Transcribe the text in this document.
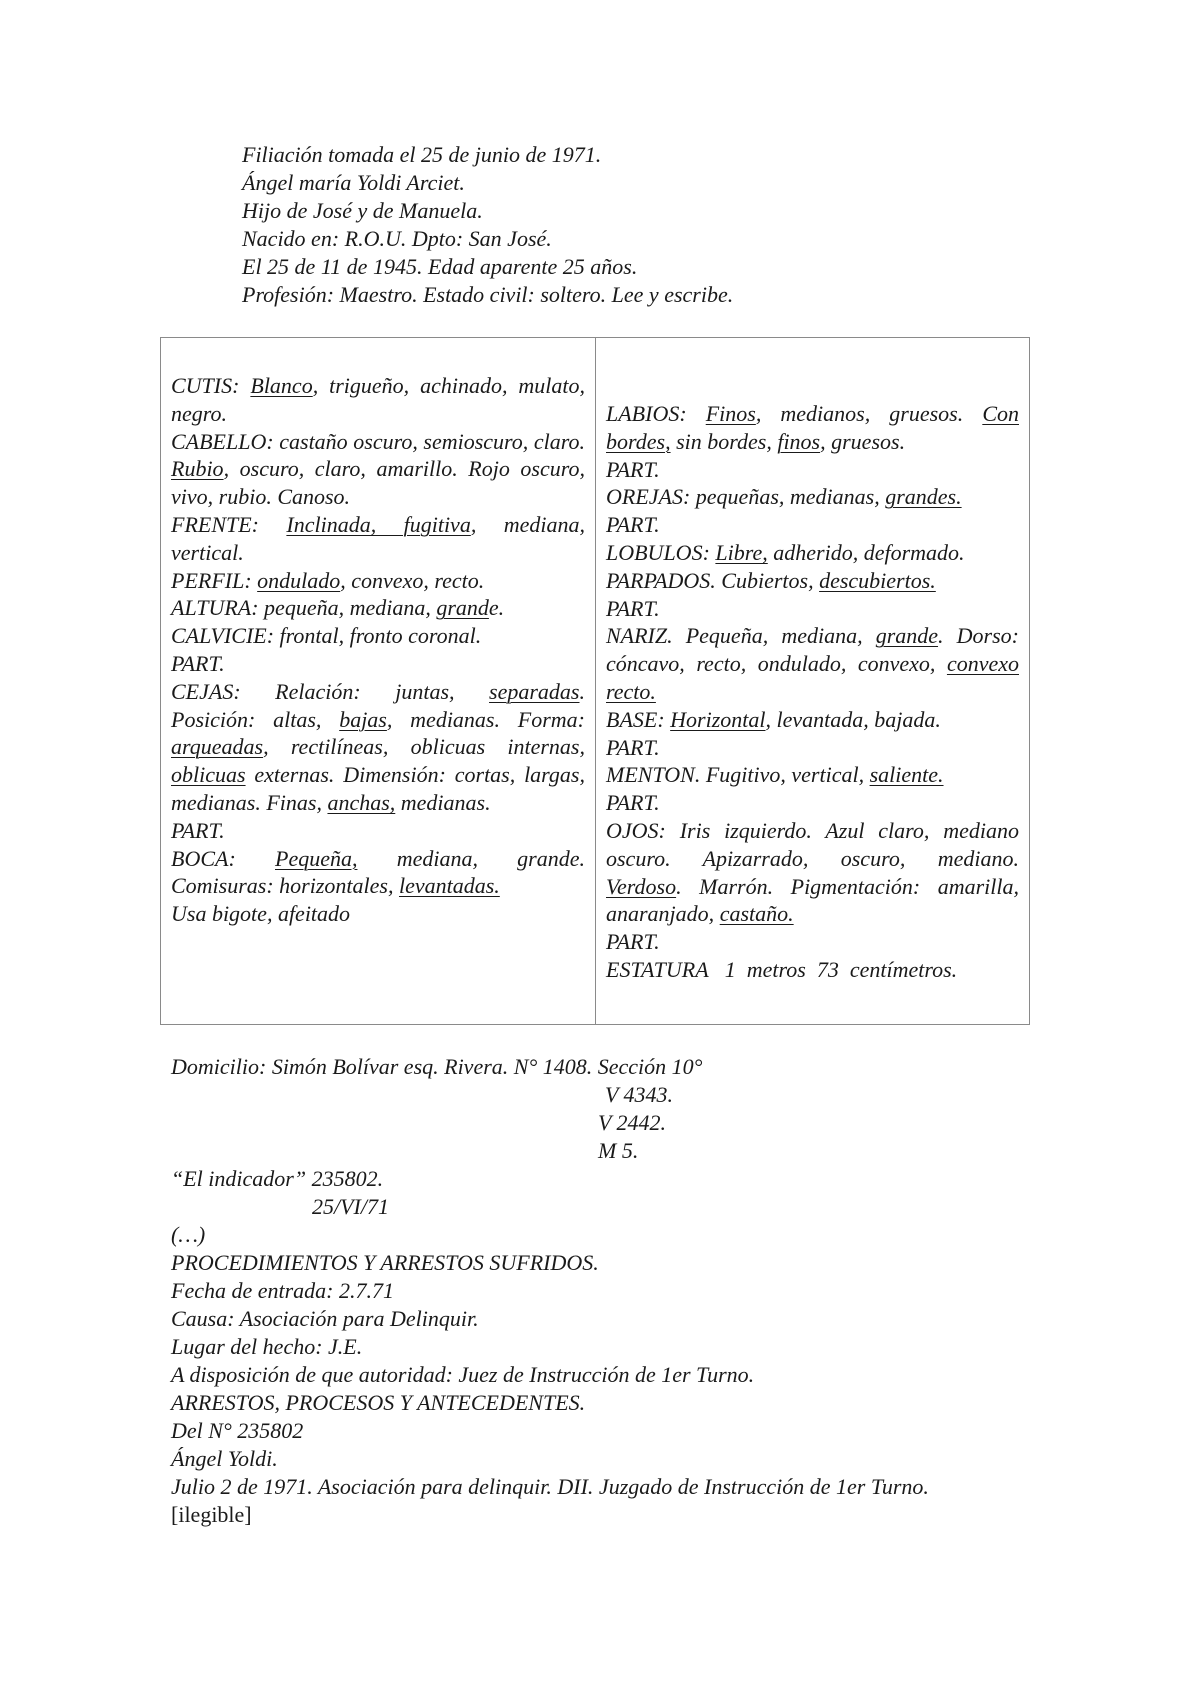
Filiación tomada el 25 de junio de 1971.
Ángel maría Yoldi Arciet.
Hijo de José y de Manuela.
Nacido en: R.O.U. Dpto: San José.
El 25 de 11 de 1945. Edad aparente 25 años.
Profesión: Maestro. Estado civil: soltero. Lee y escribe.

CUTIS: Blanco, trigueño, achinado, mulato, negro.

CABELLO: castaño oscuro, semioscuro, claro. Rubio, oscuro, claro, amarillo. Rojo oscuro, vivo, rubio. Canoso.

FRENTE: Inclinada, fugitiva, mediana, vertical.

PERFIL: ondulado, convexo, recto.

ALTURA: pequeña, mediana, grande.

CALVICIE: frontal, fronto coronal.

PART.

CEJAS: Relación: juntas, separadas. Posición: altas, bajas, medianas. Forma: arqueadas, rectilíneas, oblicuas internas, oblicuas externas. Dimensión: cortas, largas, medianas. Finas, anchas, medianas.

PART.

BOCA: Pequeña, mediana, grande. Comisuras: horizontales, levantadas.

Usa bigote, afeitado

LABIOS: Finos, medianos, gruesos. Con bordes, sin bordes, finos, gruesos.

PART.

OREJAS: pequeñas, medianas, grandes.

PART.

LOBULOS: Libre, adherido, deformado.

PARPADOS. Cubiertos, descubiertos.

PART.

NARIZ. Pequeña, mediana, grande. Dorso: cóncavo, recto, ondulado, convexo, convexo recto.

BASE: Horizontal, levantada, bajada.

PART.

MENTON. Fugitivo, vertical, saliente.

PART.

OJOS: Iris izquierdo. Azul claro, mediano oscuro. Apizarrado, oscuro, mediano. Verdoso. Marrón. Pigmentación: amarilla, anaranjado, castaño.

PART.

ESTATURA   1  metros  73  centímetros.

Domicilio: Simón Bolívar esq. Rivera. N° 1408. Sección 10°
V 4343.
V 2442.
M 5.
“El indicador” 235802.
25/VI/71
(…)
PROCEDIMIENTOS Y ARRESTOS SUFRIDOS.
Fecha de entrada: 2.7.71
Causa: Asociación para Delinquir.
Lugar del hecho: J.E.
A disposición de que autoridad: Juez de Instrucción de 1er Turno.
ARRESTOS, PROCESOS Y ANTECEDENTES.
Del N° 235802
Ángel Yoldi.
Julio 2 de 1971. Asociación para delinquir. DII. Juzgado de Instrucción de 1er Turno.
[ilegible]
